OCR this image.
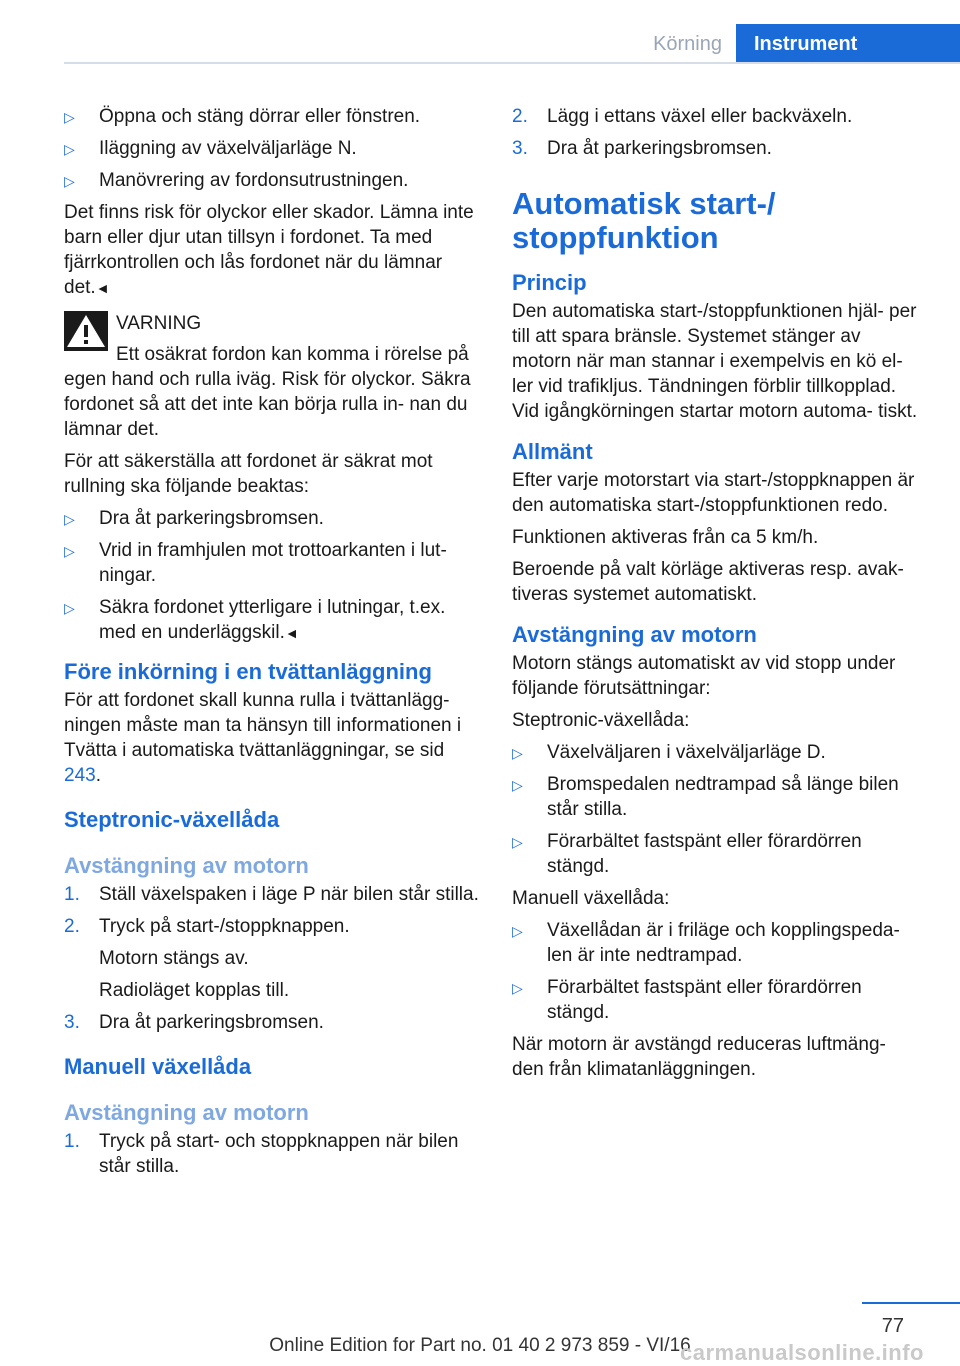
Körning	Instrument
▷ Öppna och stäng dörrar eller fönstren.
▷ Iläggning av växelväljarläge N.
▷ Manövrering av fordonsutrustningen.

Det finns risk för olyckor eller skador. Lämna inte barn eller djur utan tillsyn i fordonet. Ta med fjärrkontrollen och lås fordonet när du lämnar det.◄

VARNING

Ett osäkrat fordon kan komma i rörelse på egen hand och rulla iväg. Risk för olyckor. Säkra fordonet så att det inte kan börja rulla in- nan du lämnar det.

För att säkerställa att fordonet är säkrat mot rullning ska följande beaktas:

▷ Dra åt parkeringsbromsen.
▷ Vrid in framhjulen mot trottoarkanten i lut- ningar.
▷ Säkra fordonet ytterligare i lutningar, t.ex. med en underläggskil.◄
Före inkörning i en tvättanläggning

För att fordonet skall kunna rulla i tvättanlägg- ningen måste man ta hänsyn till informationen i Tvätta i automatiska tvättanläggningar, se sid 243.

Steptronic-växellåda
Avstängning av motorn
1. Ställ växelspaken i läge P när bilen står stilla.
2. Tryck på start-/stoppknappen.
Motorn stängs av.
Radioläget kopplas till.
3. Dra åt parkeringsbromsen.
Manuell växellåda
Avstängning av motorn
1. Tryck på start- och stoppknappen när bilen står stilla.
2. Lägg i ettans växel eller backväxeln.
3. Dra åt parkeringsbromsen.
Automatisk start-/ stoppfunktion
Princip

Den automatiska start-/stoppfunktionen hjäl- per till att spara bränsle. Systemet stänger av motorn när man stannar i exempelvis en kö el- ler vid trafikljus. Tändningen förblir tillkopplad. Vid igångkörningen startar motorn automa- tiskt.

Allmänt

Efter varje motorstart via start-/stoppknappen är den automatiska start-/stoppfunktionen redo.

Funktionen aktiveras från ca 5 km/h.

Beroende på valt körläge aktiveras resp. avak- tiveras systemet automatiskt.

Avstängning av motorn

Motorn stängs automatiskt av vid stopp under följande förutsättningar:

Steptronic-växellåda:

▷ Växelväljaren i växelväljarläge D.
▷ Bromspedalen nedtrampad så länge bilen står stilla.
▷ Förarbältet fastspänt eller förardörren stängd.

Manuell växellåda:

▷ Växellådan är i friläge och kopplingspeda- len är inte nedtrampad.
▷ Förarbältet fastspänt eller förardörren stängd.

När motorn är avstängd reduceras luftmäng- den från klimatanläggningen.

77
Online Edition for Part no. 01 40 2 973 859 - VI/16
carmanualsonline.info
